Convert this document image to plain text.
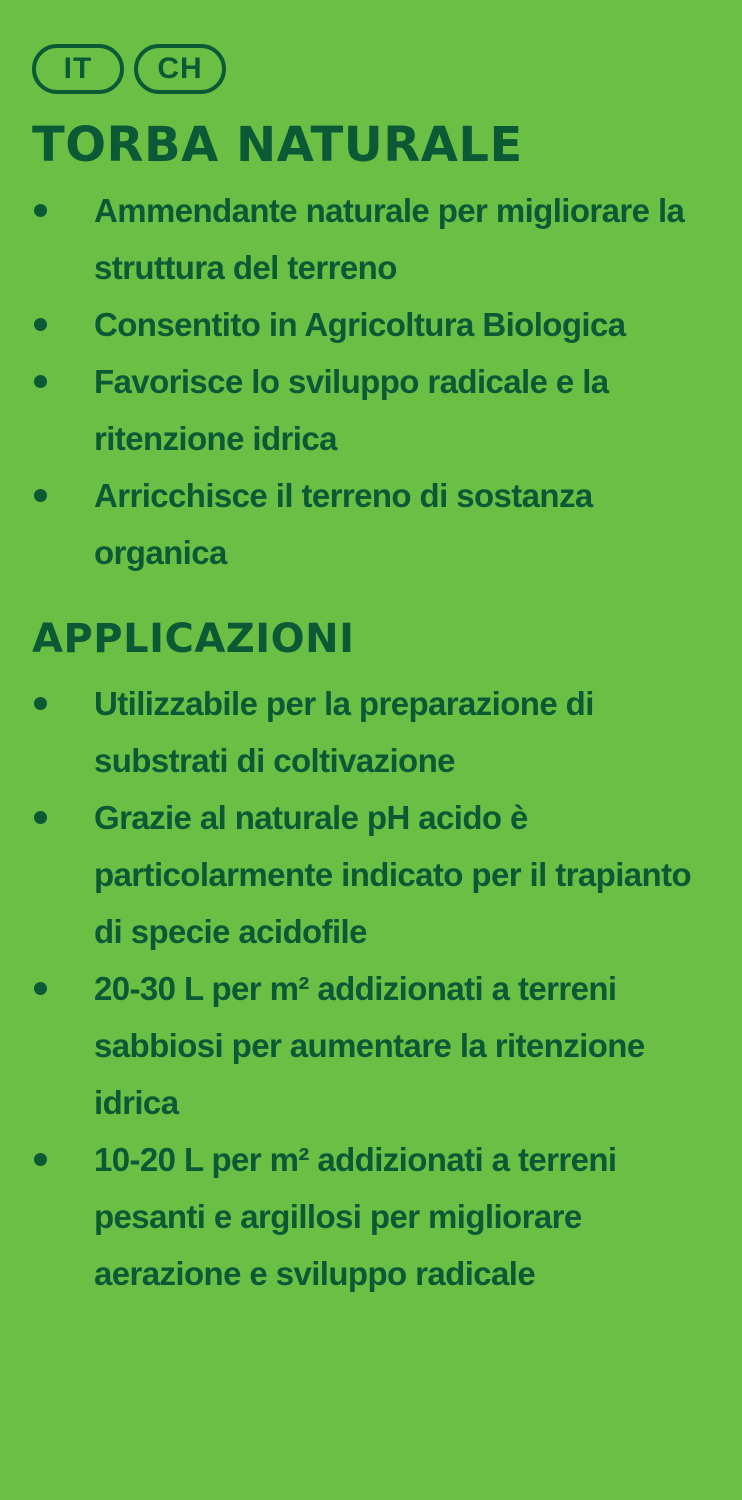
IT	CH
TORBA NATURALE
Ammendante naturale per migliorare la struttura del terreno
Consentito in Agricoltura Biologica
Favorisce lo sviluppo radicale e la ritenzione idrica
Arricchisce il terreno di sostanza organica
APPLICAZIONI
Utilizzabile per la preparazione di substrati di coltivazione
Grazie al naturale pH acido è particolarmente indicato per il trapianto di specie acidofile
20-30 L per m² addizionati a terreni sabbiosi per aumentare la ritenzione idrica
10-20 L per m² addizionati a terreni pesanti e argillosi per migliorare aerazione e sviluppo radicale
